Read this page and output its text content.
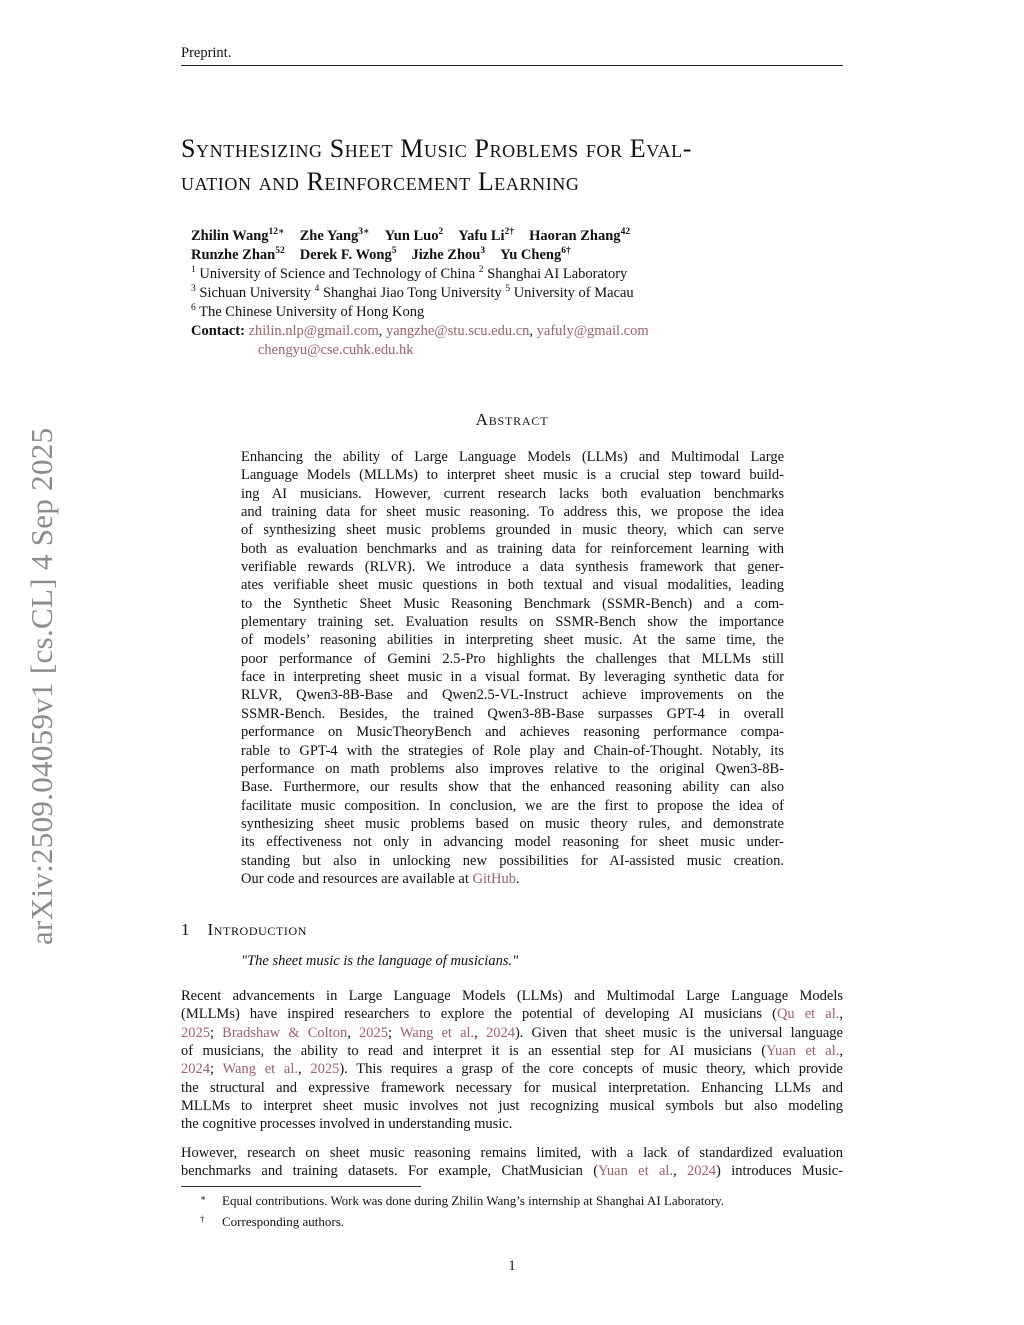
Preprint.
arXiv:2509.04059v1 [cs.CL] 4 Sep 2025
Synthesizing Sheet Music Problems for Eval-
uation and Reinforcement Learning
Zhilin Wang$^{12∗}$ Zhe Yang$^{3∗}$ Yun Luo$^2$ Yafu $Li^{2\dagger}$ Haoran Zhang$^{42}$
Runzhe Zhan$^{52}$ Derek F. Wong$^5$ Jizhe Zhou$^3$ Yu Cheng$^{6\dagger}$
$^1$ University of Science and Technology of China $^2$ Shanghai AI Laboratory
$^3$ Sichuan University $^4$ Shanghai Jiao Tong University $^5$ University of Macau
$^6$ The Chinese University of Hong Kong
Contact: zhilin.nlp@gmail.com, yangzhe@stu.scu.edu.cn, yafuly@gmail.com
chengyu@cse.cuhk.edu.hk
Abstract
Enhancing the ability of Large Language Models (LLMs) and Multimodal Large
Language Models (MLLMs) to interpret sheet music is a crucial step toward build-
ing AI musicians. However, current research lacks both evaluation benchmarks
and training data for sheet music reasoning. To address this, we propose the idea
of synthesizing sheet music problems grounded in music theory, which can serve
both as evaluation benchmarks and as training data for reinforcement learning with
verifiable rewards (RLVR). We introduce a data synthesis framework that gener-
ates verifiable sheet music questions in both textual and visual modalities, leading
to the Synthetic Sheet Music Reasoning Benchmark (SSMR-Bench) and a com-
plementary training set. Evaluation results on SSMR-Bench show the importance
of models’ reasoning abilities in interpreting sheet music. At the same time, the
poor performance of Gemini 2.5-Pro highlights the challenges that MLLMs still
face in interpreting sheet music in a visual format. By leveraging synthetic data for
RLVR, Qwen3-8B-Base and Qwen2.5-VL-Instruct achieve improvements on the
SSMR-Bench. Besides, the trained Qwen3-8B-Base surpasses GPT-4 in overall
performance on MusicTheoryBench and achieves reasoning performance compa-
rable to GPT-4 with the strategies of Role play and Chain-of-Thought. Notably, its
performance on math problems also improves relative to the original Qwen3-8B-
Base. Furthermore, our results show that the enhanced reasoning ability can also
facilitate music composition. In conclusion, we are the first to propose the idea of
synthesizing sheet music problems based on music theory rules, and demonstrate
its effectiveness not only in advancing model reasoning for sheet music under-
standing but also in unlocking new possibilities for AI-assisted music creation.
Our code and resources are available at GitHub.
1 Introduction
"The sheet music is the language of musicians."
Recent advancements in Large Language Models (LLMs) and Multimodal Large Language Models
(MLLMs) have inspired researchers to explore the potential of developing AI musicians (Qu et al.,
2025; Bradshaw & Colton, 2025; Wang et al., 2024). Given that sheet music is the universal language
of musicians, the ability to read and interpret it is an essential step for AI musicians (Yuan et al.,
2024; Wang et al., 2025). This requires a grasp of the core concepts of music theory, which provide
the structural and expressive framework necessary for musical interpretation. Enhancing LLMs and
MLLMs to interpret sheet music involves not just recognizing musical symbols but also modeling
the cognitive processes involved in understanding music.
However, research on sheet music reasoning remains limited, with a lack of standardized evaluation
benchmarks and training datasets. For example, ChatMusician (Yuan et al., 2024) introduces Music-
∗ Equal contributions. Work was done during Zhilin Wang’s internship at Shanghai AI Laboratory.
† Corresponding authors.
1
